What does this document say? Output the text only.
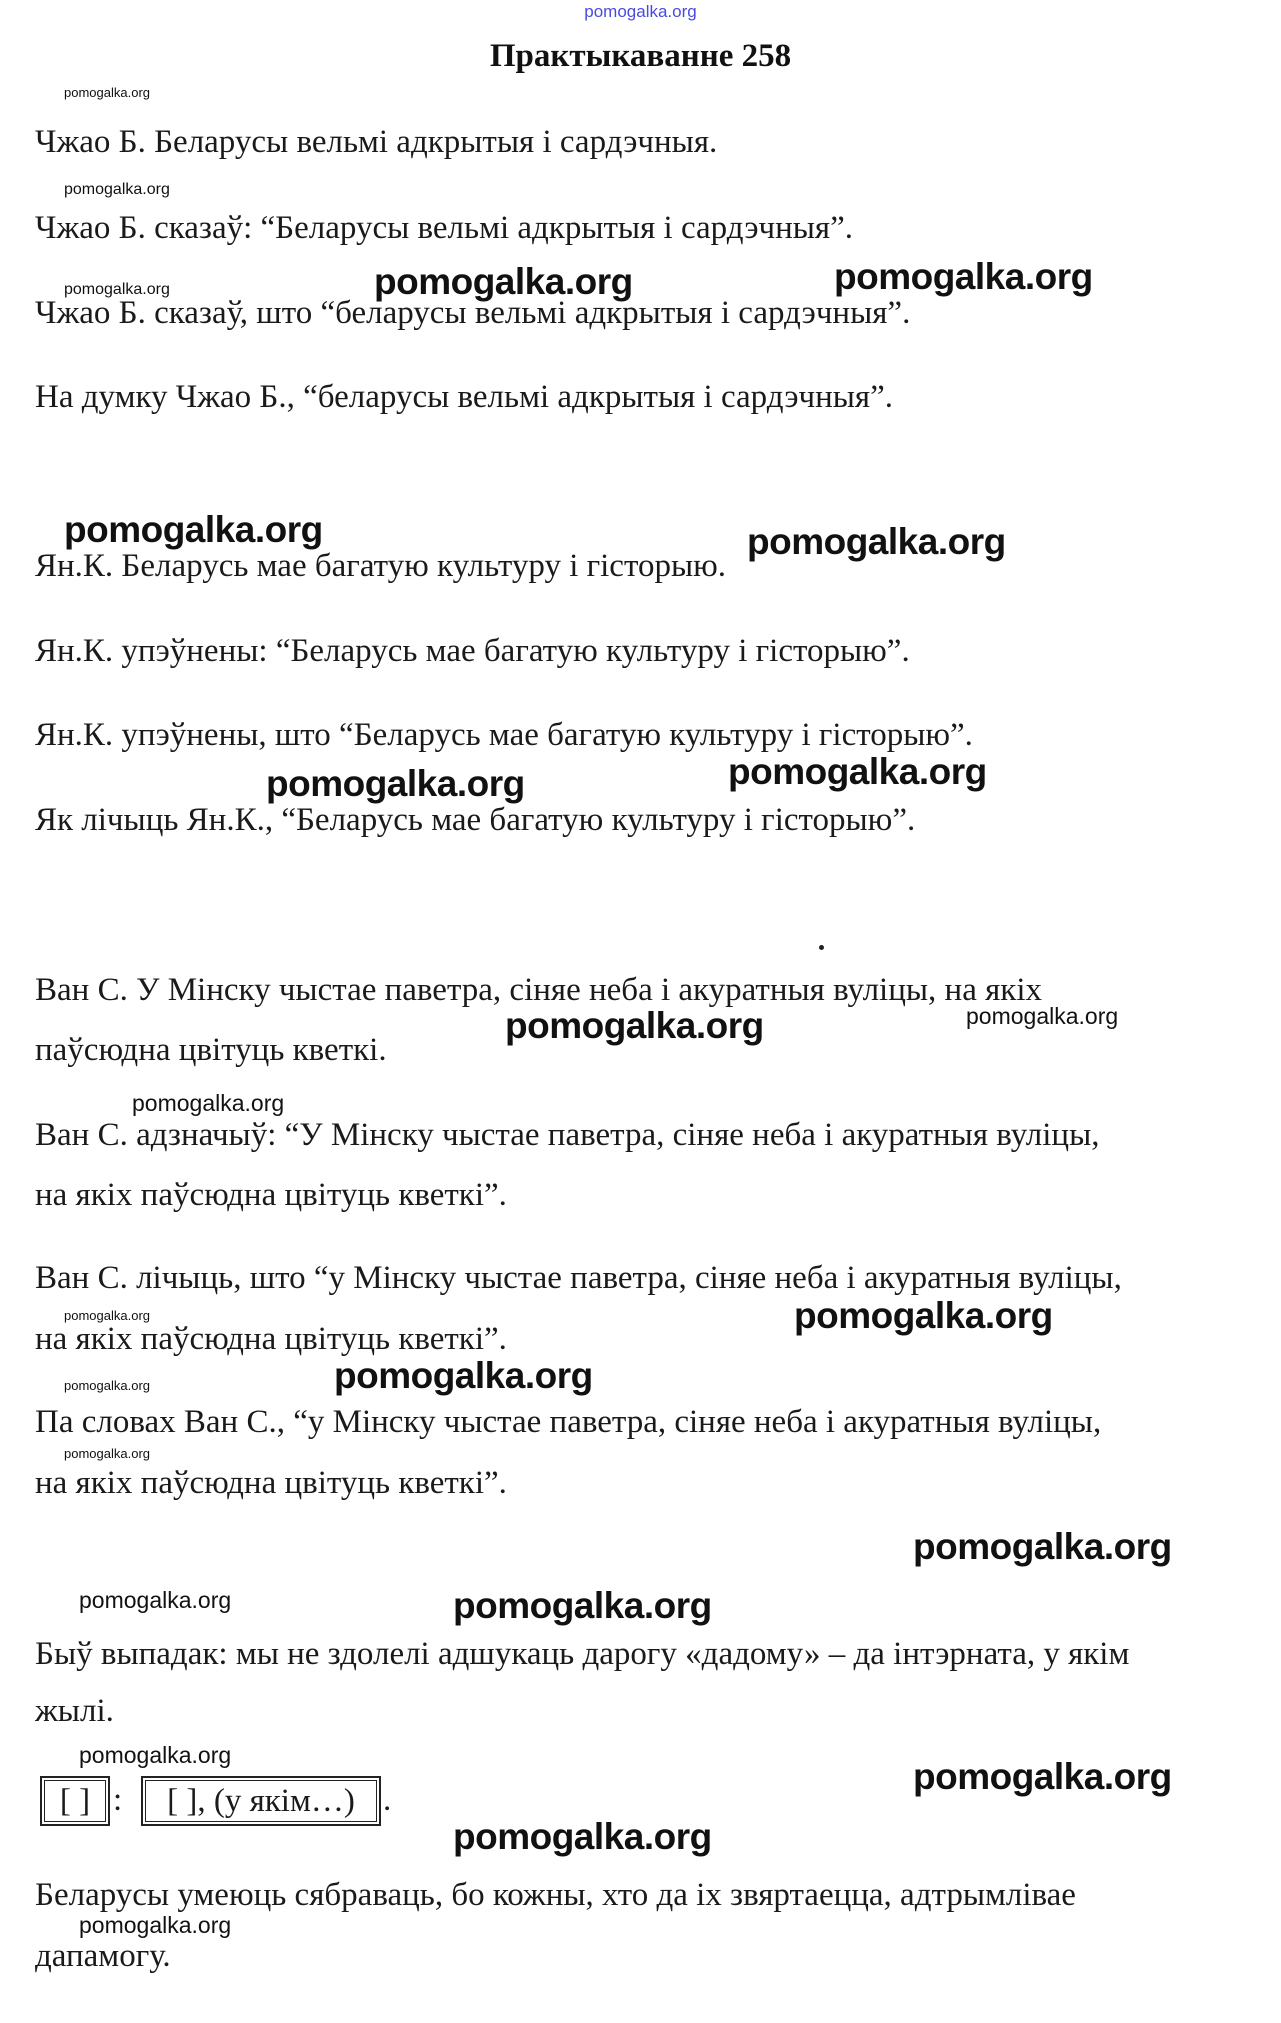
pomogalka.org
Практыкаванне 258
Чжао Б. Беларусы вельмі адкрытыя і сардэчныя.
Чжао Б. сказаў: “Беларусы вельмі адкрытыя і сардэчныя”.
Чжао Б. сказаў, што “беларусы вельмі адкрытыя і сардэчныя”.
На думку Чжао Б., “беларусы вельмі адкрытыя і сардэчныя”.
Ян.К. Беларусь мае багатую культуру і гісторыю.
Ян.К. упэўнены: “Беларусь мае багатую культуру і гісторыю”.
Ян.К. упэўнены, што “Беларусь мае багатую культуру і гісторыю”.
Як лічыць Ян.К., “Беларусь мае багатую культуру і гісторыю”.
Ван С. У Мінску чыстае паветра, сіняе неба і акуратныя вуліцы, на якіх
паўсюдна цвітуць кветкі.
Ван С. адзначыў: “У Мінску чыстае паветра, сіняе неба і акуратныя вуліцы,
на якіх паўсюдна цвітуць кветкі”.
Ван С. лічыць, што “у Мінску чыстае паветра, сіняе неба і акуратныя вуліцы,
на якіх паўсюдна цвітуць кветкі”.
Па словах Ван С., “у Мінску чыстае паветра, сіняе неба і акуратныя вуліцы,
на якіх паўсюдна цвітуць кветкі”.
Быў выпадак: мы не здолелі адшукаць дарогу «дадому» – да інтэрната, у якім
жылі.
Беларусы умеюць сябраваць, бо кожны, хто да іх звяртаецца, адтрымлівае
дапамогу.
[ ] :	[ ], (у якім…) .
pomogalka.org
pomogalka.org
pomogalka.org	pomogalka.org	pomogalka.org
pomogalka.org	pomogalka.org
pomogalka.org	pomogalka.org
pomogalka.org	pomogalka.org
pomogalka.org
pomogalka.org	pomogalka.org
pomogalka.org
pomogalka.org
pomogalka.org
pomogalka.org
pomogalka.org	pomogalka.org
pomogalka.org
pomogalka.org
pomogalka.org
pomogalka.org
